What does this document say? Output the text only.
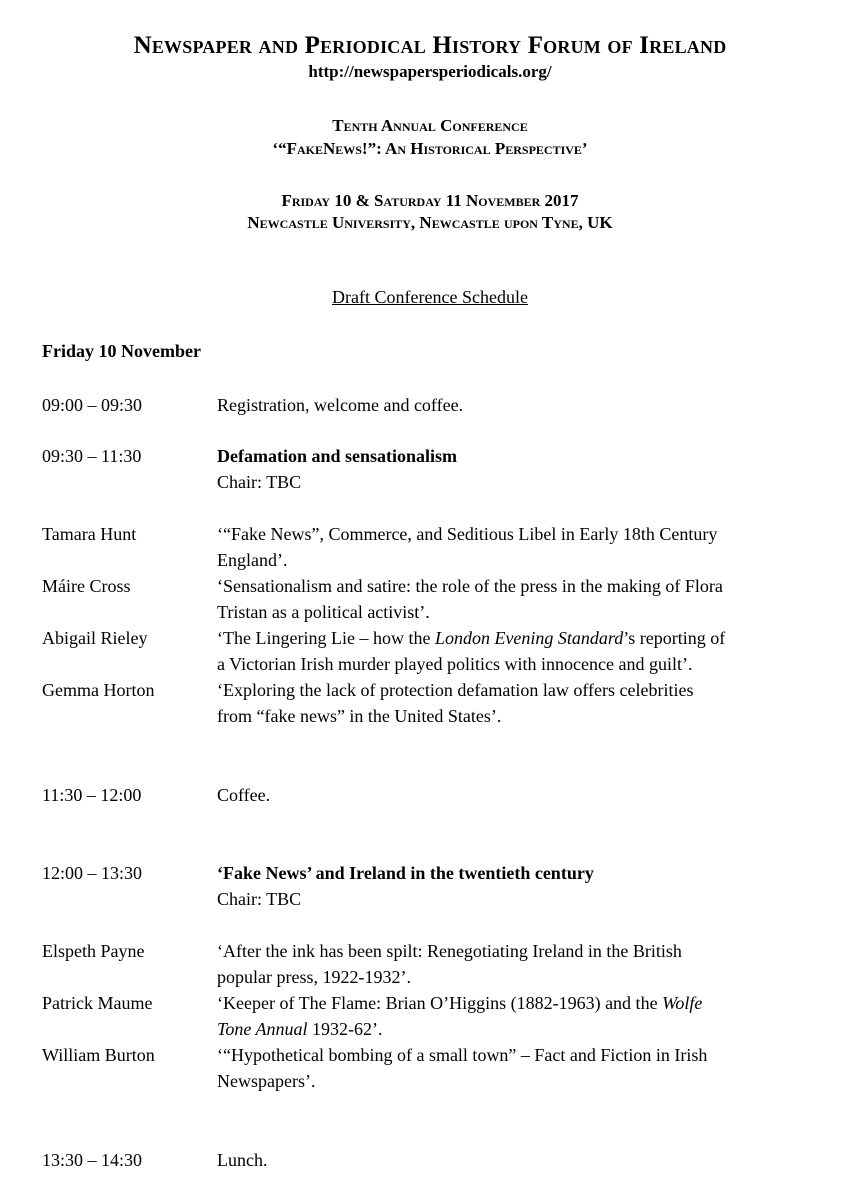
Newspaper and Periodical History Forum of Ireland
http://newspapersperiodicals.org/
Tenth Annual Conference
‘“FakeNews!”: An Historical Perspective’
Friday 10 & Saturday 11 November 2017
Newcastle University, Newcastle upon Tyne, UK
Draft Conference Schedule
Friday 10 November
09:00 – 09:30	Registration, welcome and coffee.
09:30 – 11:30	Defamation and sensationalism
Chair: TBC
Tamara Hunt	‘“Fake News”, Commerce, and Seditious Libel in Early 18th Century
England’.
Máire Cross	‘Sensationalism and satire: the role of the press in the making of Flora
Tristan as a political activist’.
Abigail Rieley	‘The Lingering Lie – how the London Evening Standard’s reporting of
a Victorian Irish murder played politics with innocence and guilt’.
Gemma Horton	‘Exploring the lack of protection defamation law offers celebrities
from “fake news” in the United States’.
11:30 – 12:00	Coffee.
12:00 – 13:30	‘Fake News’ and Ireland in the twentieth century
Chair: TBC
Elspeth Payne	‘After the ink has been spilt: Renegotiating Ireland in the British
popular press, 1922-1932’.
Patrick Maume	‘Keeper of The Flame: Brian O’Higgins (1882-1963) and the Wolfe
Tone Annual 1932-62’.
William Burton	‘“Hypothetical bombing of a small town” – Fact and Fiction in Irish
Newspapers’.
13:30 – 14:30	Lunch.
